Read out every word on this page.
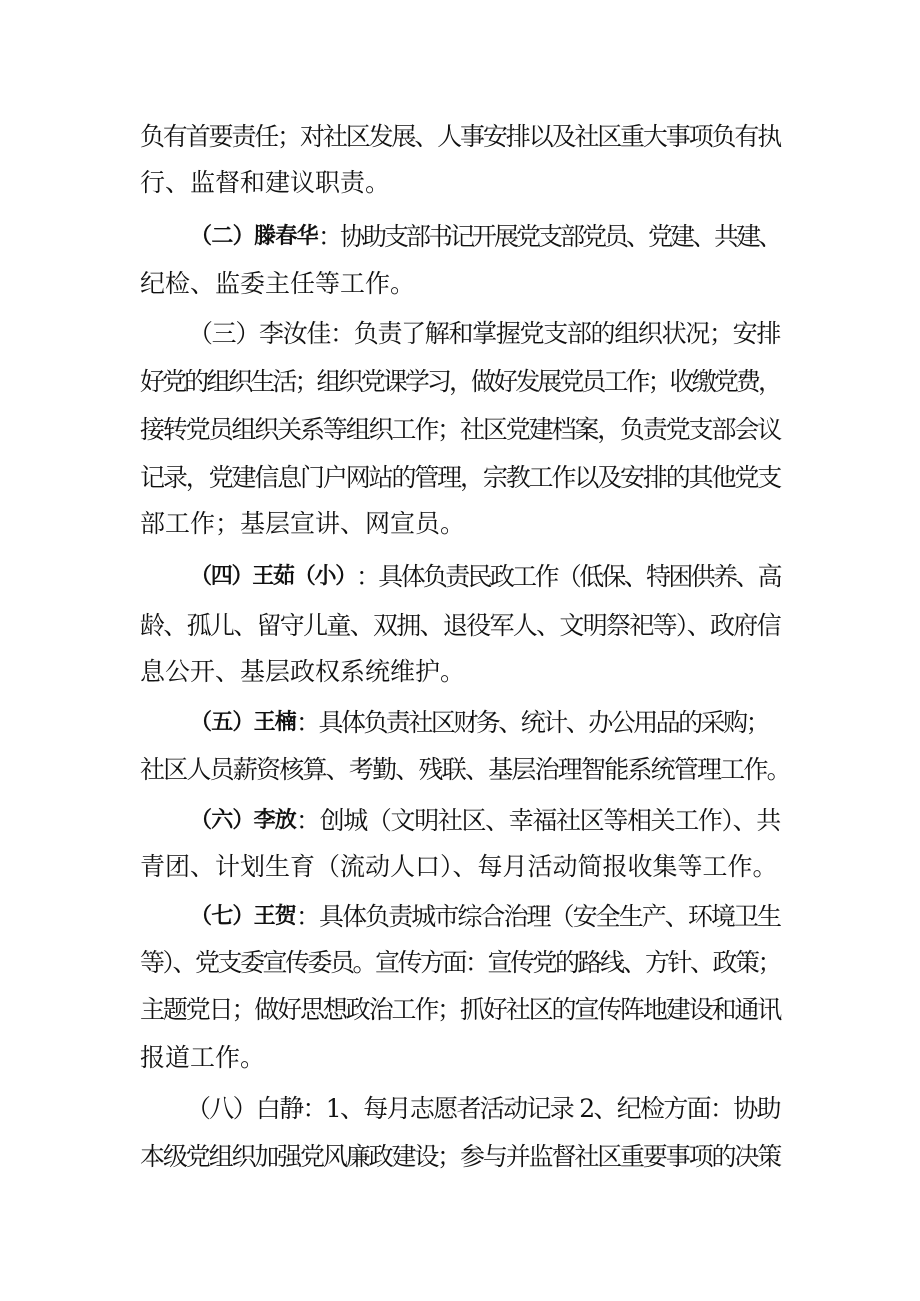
负有首要责任；对社区发展、人事安排以及社区重大事项负有执
行、监督和建议职责。
（二）滕春华 ：协助支部书记开展党支部党员、党建、共建、
纪检、监委主任等工作。
（三）李汝佳：负责了解和掌握党支部的组织状况；安排
好党的组织生活；组织党课学习，做好发展党员工作；收缴党费，
接转党员组织关系等组织工作；社区党建档案，负责党支部会议
记录，党建信息门户网站的管理，宗教工作以及安排的其他党支
部工作；基层宣讲、网宣员。
（四）王茹（小） ：具体负责民政工作（低保、特困供养、高
龄、孤儿、留守儿童、双拥、退役军人、文明祭祀等）、政府信
息公开、基层政权系统维护。
（五）王楠 ：具体负责社区财务、统计、办公用品的采购；
社区人员薪资核算、考勤、残联、基层治理智能系统管理工作。
（六）李放 ：创城（文明社区、幸福社区等相关工作）、共
青团、计划生育（流动人口）、每月活动简报收集等工作。
（七）王贺 ：具体负责城市综合治理（安全生产、环境卫生
等）、党支委宣传委员。宣传方面：宣传党的路线、方针、政策；
主题党日；做好思想政治工作；抓好社区的宣传阵地建设和通讯
报道工作。
（八）白静：1、每月志愿者活动记录 2、纪检方面：协助
本级党组织加强党风廉政建设；参与并监督社区重要事项的决策
